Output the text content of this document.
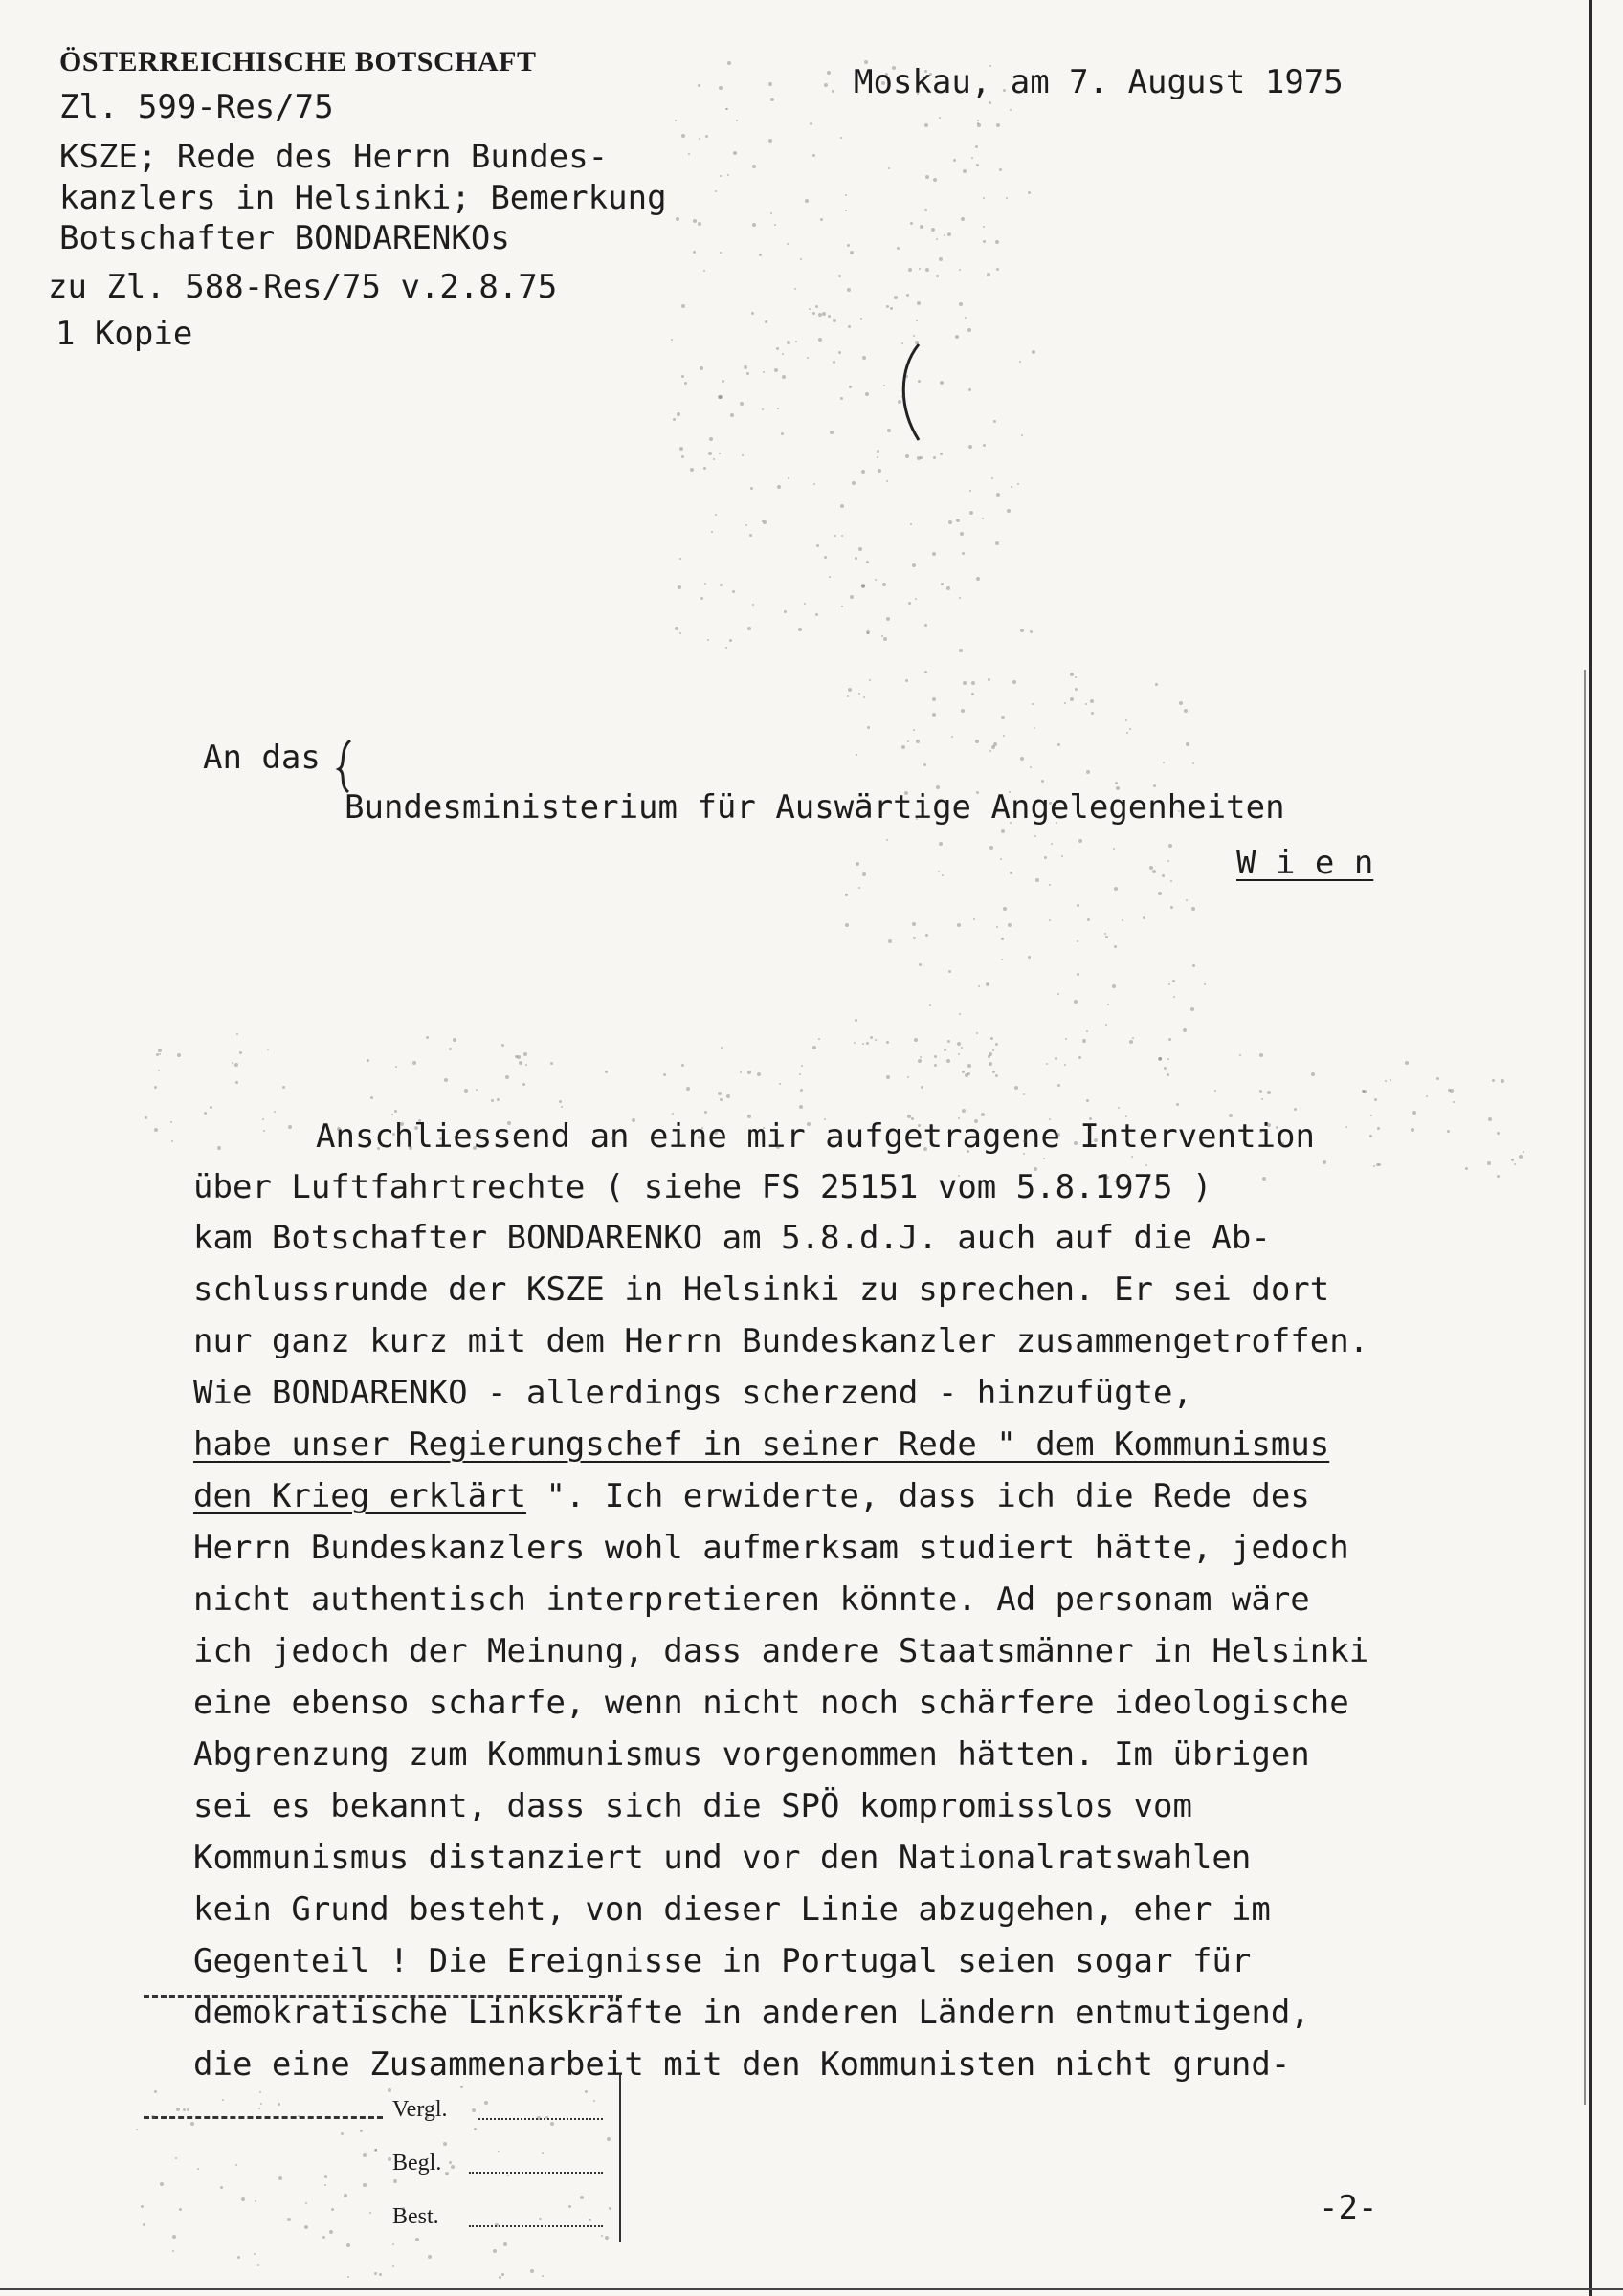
ÖSTERREICHISCHE BOTSCHAFT
Zl. 599-Res/75
Moskau, am 7. August 1975
KSZE; Rede des Herrn Bundes-
kanzlers in Helsinki; Bemerkung
Botschafter BONDARENKOs
zu Zl. 588-Res/75 v.2.8.75
1 Kopie
An das
Bundesministerium für Auswärtige Angelegenheiten
W i e n
Anschliessend an eine mir aufgetragene Intervention
über Luftfahrtrechte ( siehe FS 25151 vom 5.8.1975 )
kam Botschafter BONDARENKO am 5.8.d.J. auch auf die Ab-
schlussrunde der KSZE in Helsinki zu sprechen. Er sei dort
nur ganz kurz mit dem Herrn Bundeskanzler zusammengetroffen.
Wie BONDARENKO - allerdings scherzend - hinzufügte,
habe unser Regierungschef in seiner Rede " dem Kommunismus
den Krieg erklärt ". Ich erwiderte, dass ich die Rede des
Herrn Bundeskanzlers wohl aufmerksam studiert hätte, jedoch
nicht authentisch interpretieren könnte. Ad personam wäre
ich jedoch der Meinung, dass andere Staatsmänner in Helsinki
eine ebenso scharfe, wenn nicht noch schärfere ideologische
Abgrenzung zum Kommunismus vorgenommen hätten. Im übrigen
sei es bekannt, dass sich die SPÖ kompromisslos vom
Kommunismus distanziert und vor den Nationalratswahlen
kein Grund besteht, von dieser Linie abzugehen, eher im
Gegenteil ! Die Ereignisse in Portugal seien sogar für
demokratische Linkskräfte in anderen Ländern entmutigend,
die eine Zusammenarbeit mit den Kommunisten nicht grund-
Vergl.
Begl.
Best.	-2-
